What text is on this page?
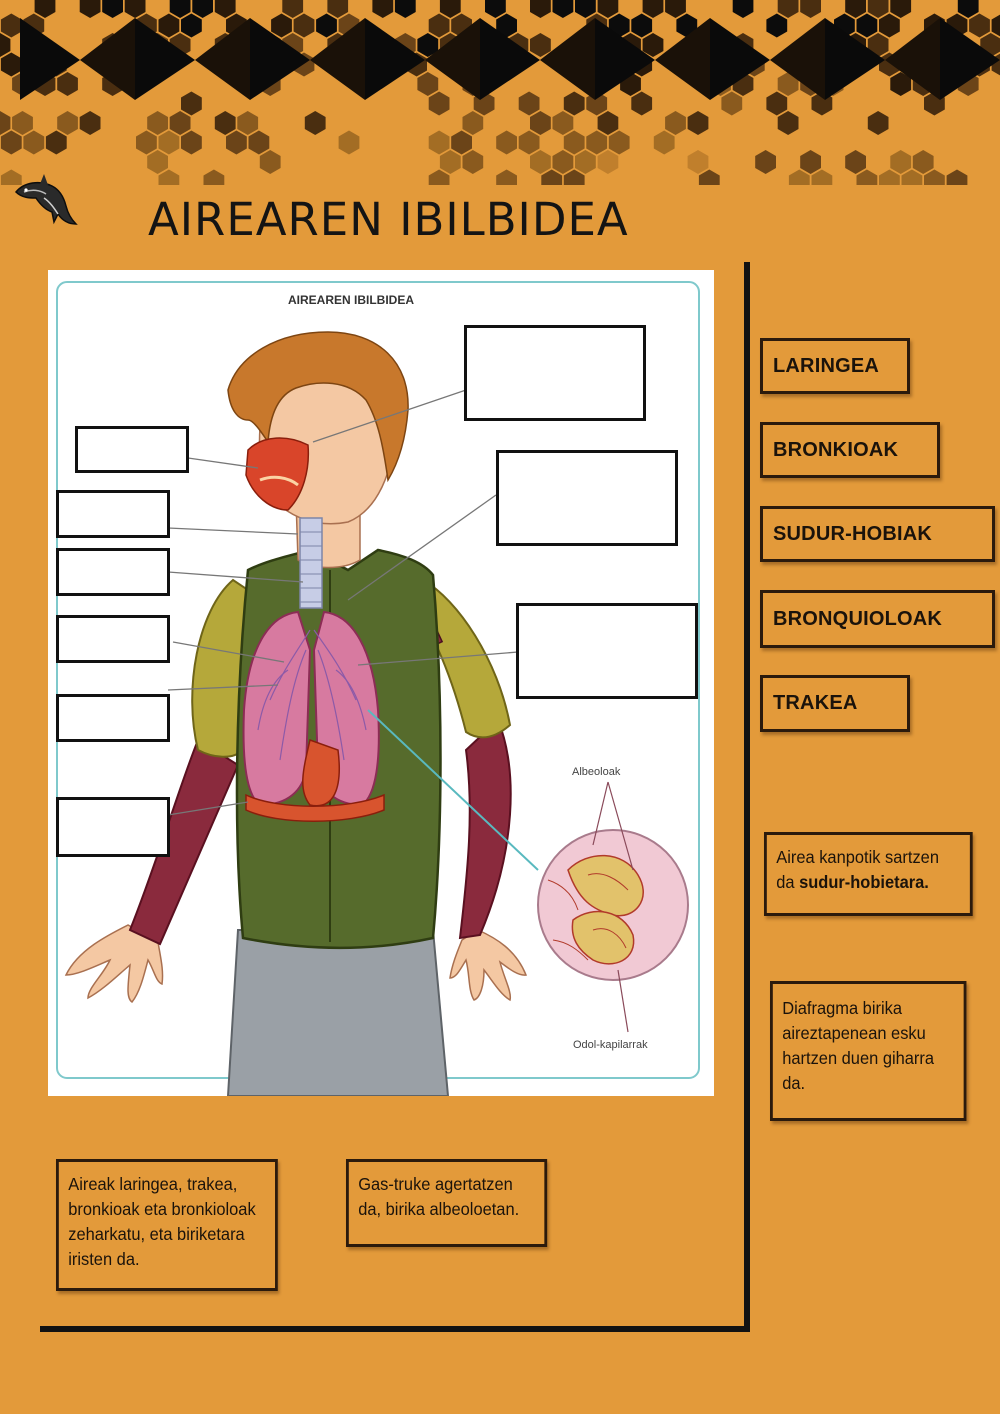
AIREAREN IBILBIDEA
AIREAREN IBILBIDEA
Albeoloak
Odol-kapilarrak
LARINGEA
BRONKIOAK
SUDUR-HOBIAK
BRONQUIOLOAK
TRAKEA
Airea kanpotik sartzen da sudur-hobietara.
Diafragma birika aireztapenean esku hartzen duen giharra da.
Aireak laringea, trakea, bronkioak eta bronkioloak zeharkatu, eta biriketara iristen da.
Gas-truke agertatzen da, birika albeoloetan.
